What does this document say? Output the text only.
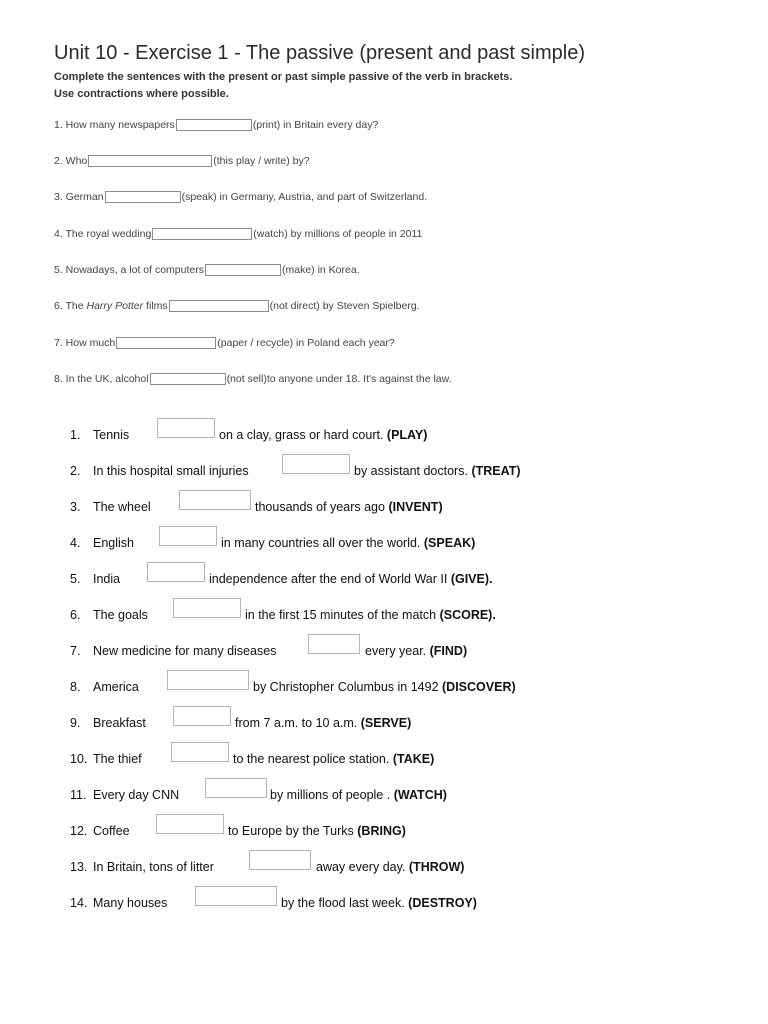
Unit 10 - Exercise 1 - The passive (present and past simple)
Complete the sentences with the present or past simple passive of the verb in brackets.
Use contractions where possible.
1. How many newspapers	(print) in Britain every day?
2. Who	(this play / write) by?
3. German	(speak) in Germany, Austria, and part of Switzerland.
4. The royal wedding	(watch) by millions of people in 2011
5. Nowadays, a lot of computers	(make) in Korea.
6. The Harry Potter films	(not direct) by Steven Spielberg.
7. How much	(paper / recycle) in Poland each year?
8. In the UK, alcohol	(not sell)to anyone under 18. It's against the law.
1. Tennis	on a clay, grass or hard court. (PLAY)
2. In this hospital small injuries	by assistant doctors. (TREAT)
3. The wheel	thousands of years ago (INVENT)
4. English	in many countries all over the world. (SPEAK)
5. India	independence after the end of World War II (GIVE).
6. The goals	in the first 15 minutes of the match (SCORE).
7. New medicine for many diseases	every year. (FIND)
8. America	by Christopher Columbus in 1492 (DISCOVER)
9. Breakfast	from 7 a.m. to 10 a.m. (SERVE)
10. The thief	to the nearest police station. (TAKE)
11. Every day CNN	by millions of people . (WATCH)
12. Coffee	to Europe by the Turks (BRING)
13. In Britain, tons of litter	away every day. (THROW)
14. Many houses	by the flood last week. (DESTROY)
